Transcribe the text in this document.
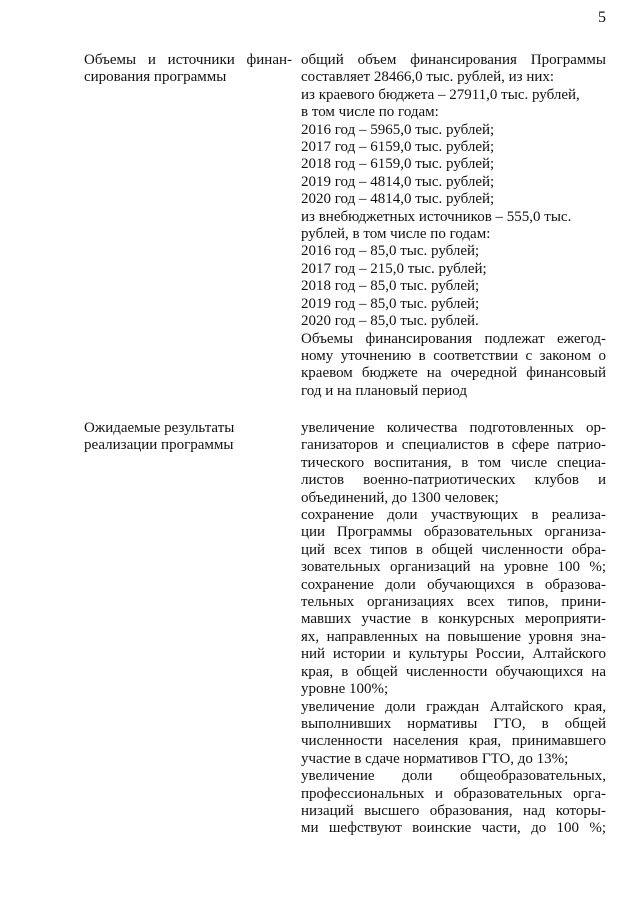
5
Объемы и источники финан-
сирования программы
общий объем финансирования Программы
составляет 28466,0 тыс. рублей, из них:
из краевого бюджета – 27911,0 тыс. рублей,
в том числе по годам:
2016 год – 5965,0 тыс. рублей;
2017 год – 6159,0 тыс. рублей;
2018 год – 6159,0 тыс. рублей;
2019 год – 4814,0 тыс. рублей;
2020 год – 4814,0 тыс. рублей;
из внебюджетных источников – 555,0 тыс.
рублей, в том числе по годам:
2016 год – 85,0 тыс. рублей;
2017 год – 215,0 тыс. рублей;
2018 год – 85,0 тыс. рублей;
2019 год – 85,0 тыс. рублей;
2020 год – 85,0 тыс. рублей.
Объемы финансирования подлежат ежегод-
ному уточнению в соответствии с законом о
краевом бюджете на очередной финансовый
год и на плановый период
Ожидаемые результаты
реализации программы
увеличение количества подготовленных ор-
ганизаторов и специалистов в сфере патрио-
тического воспитания, в том числе специа-
листов военно-патриотических клубов и
объединений, до 1300 человек;
сохранение доли участвующих в реализа-
ции Программы образовательных организа-
ций всех типов в общей численности обра-
зовательных организаций на уровне 100 %;
сохранение доли обучающихся в образова-
тельных организациях всех типов, прини-
мавших участие в конкурсных мероприяти-
ях, направленных на повышение уровня зна-
ний истории и культуры России, Алтайского
края, в общей численности обучающихся на
уровне 100%;
увеличение доли граждан Алтайского края,
выполнивших нормативы ГТО, в общей
численности населения края, принимавшего
участие в сдаче нормативов ГТО, до 13%;
увеличение доли общеобразовательных,
профессиональных и образовательных орга-
низаций высшего образования, над которы-
ми шефствуют воинские части, до 100 %;
